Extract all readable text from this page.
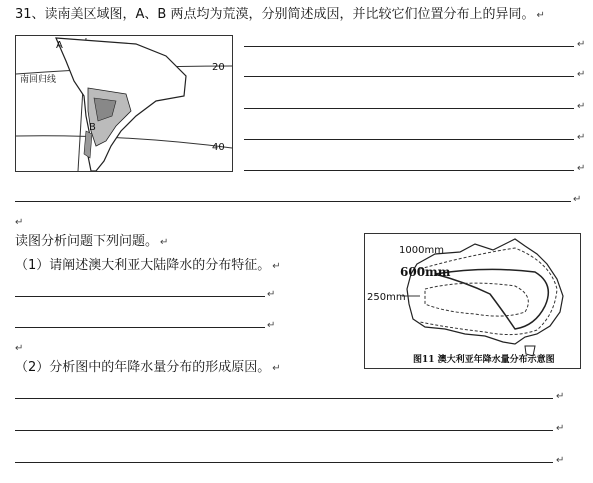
31、读南美区域图，A、B 两点均为荒漠，分别简述成因，并比较它们位置分布上的异同。 ↵
A
B
南回归线
20
40
↵
↵
↵
↵
↵
↵
↵
读图分析问题下列问题。 ↵
（1）请阐述澳大利亚大陆降水的分布特征。 ↵
↵
↵
↵
（2）分析图中的年降水量分布的形成原因。 ↵
↵
↵
↵
1000mm
600mm
250mm
图11 澳大利亚年降水量分布示意图
